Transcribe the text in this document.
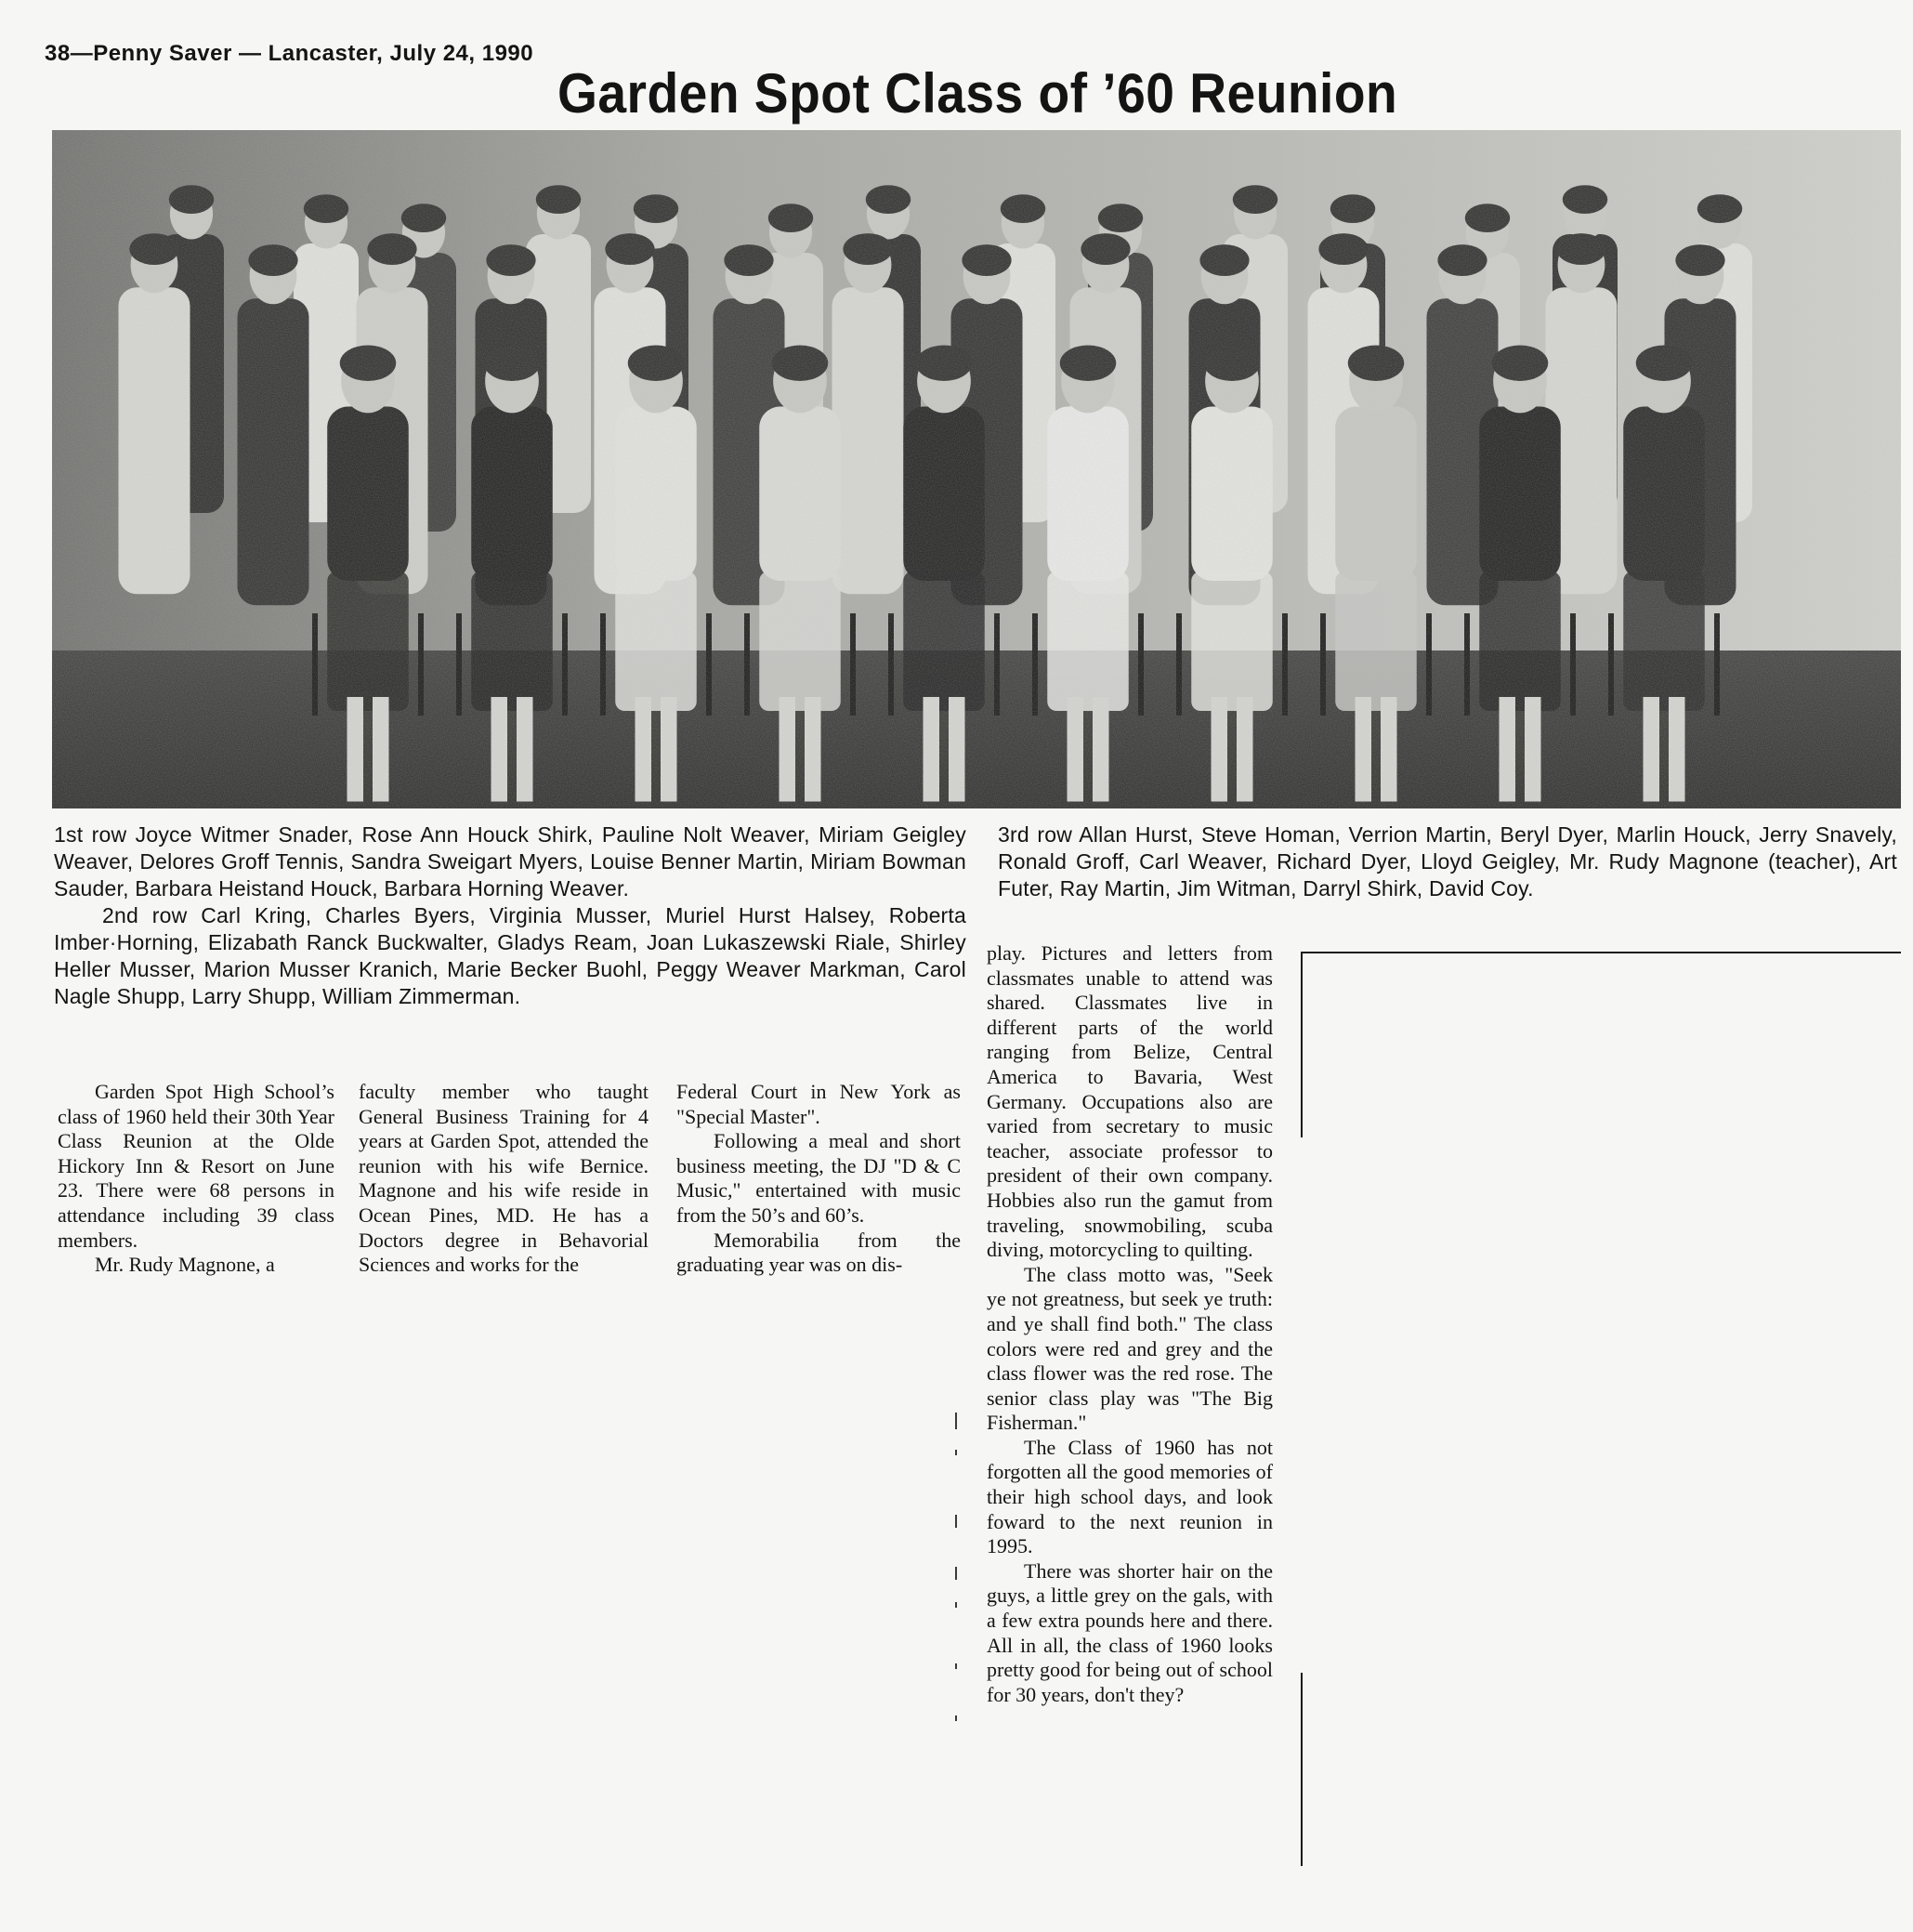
38—Penny Saver — Lancaster, July 24, 1990
Garden Spot Class of ’60 Reunion

1st row Joyce Witmer Snader, Rose Ann Houck Shirk, Pauline Nolt Weaver, Miriam Geigley Weaver, Delores Groff Tennis, Sandra Sweigart Myers, Louise Benner Martin, Miriam Bowman Sauder, Barbara Heistand Houck, Barbara Horning Weaver.

2nd row Carl Kring, Charles Byers, Virginia Musser, Muriel Hurst Halsey, Roberta Imber·Horning, Elizabath Ranck Buckwalter, Gladys Ream, Joan Lukaszewski Riale, Shirley Heller Musser, Marion Musser Kranich, Marie Becker Buohl, Peggy Weaver Markman, Carol Nagle Shupp, Larry Shupp, William Zimmerman.

3rd row Allan Hurst, Steve Homan, Verrion Martin, Beryl Dyer, Marlin Houck, Jerry Snavely, Ronald Groff, Carl Weaver, Richard Dyer, Lloyd Geigley, Mr. Rudy Magnone (teacher), Art Futer, Ray Martin, Jim Witman, Darryl Shirk, David Coy.

Garden Spot High School’s class of 1960 held their 30th Year Class Reunion at the Olde Hickory Inn & Resort on June 23. There were 68 persons in attendance including 39 class members.

Mr. Rudy Magnone, a

faculty member who taught General Business Training for 4 years at Garden Spot, attended the reunion with his wife Bernice. Magnone and his wife reside in Ocean Pines, MD. He has a Doctors degree in Behavorial Sciences and works for the

Federal Court in New York as "Special Master".

Following a meal and short business meeting, the DJ "D & C Music," entertained with music from the 50’s and 60’s.

Memorabilia from the graduating year was on dis-

play. Pictures and letters from classmates unable to attend was shared. Classmates live in different parts of the world ranging from Belize, Central America to Bavaria, West Germany. Occupations also are varied from secretary to music teacher, associate professor to president of their own company. Hobbies also run the gamut from traveling, snowmobiling, scuba diving, motorcycling to quilting.

The class motto was, "Seek ye not greatness, but seek ye truth: and ye shall find both." The class colors were red and grey and the class flower was the red rose. The senior class play was "The Big Fisherman."

The Class of 1960 has not forgotten all the good memories of their high school days, and look foward to the next reunion in 1995.

There was shorter hair on the guys, a little grey on the gals, with a few extra pounds here and there. All in all, the class of 1960 looks pretty good for being out of school for 30 years, don't they?
